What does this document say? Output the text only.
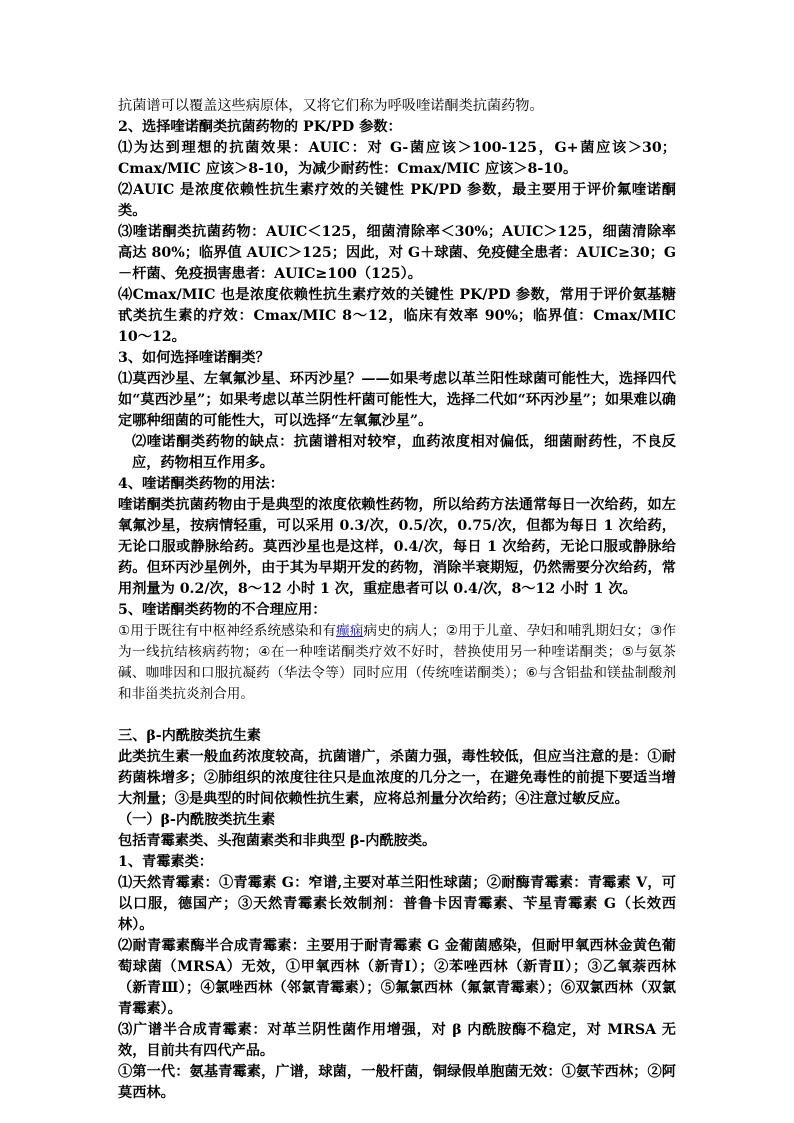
抗菌谱可以覆盖这些病原体，又将它们称为呼吸喹诺酮类抗菌药物。

2、选择喹诺酮类抗菌药物的 PK/PD 参数：

⑴为达到理想的抗菌效果：AUIC：对 G-菌应该＞100-125，G+菌应该＞30；Cmax/MIC 应该＞8-10，为减少耐药性：Cmax/MIC 应该＞8-10。

⑵AUIC 是浓度依赖性抗生素疗效的关键性 PK/PD 参数，最主要用于评价氟喹诺酮类。

⑶喹诺酮类抗菌药物：AUIC＜125，细菌清除率＜30%；AUIC＞125，细菌清除率高达 80%；临界值 AUIC＞125；因此，对 G＋球菌、免疫健全患者：AUIC≥30；G－杆菌、免疫损害患者：AUIC≥100（125）。

⑷Cmax/MIC 也是浓度依赖性抗生素疗效的关键性 PK/PD 参数，常用于评价氨基糖甙类抗生素的疗效：Cmax/MIC 8～12，临床有效率 90%；临界值：Cmax/MIC 10～12。

3、如何选择喹诺酮类？

⑴莫西沙星、左氧氟沙星、环丙沙星？——如果考虑以革兰阳性球菌可能性大，选择四代如“莫西沙星”；如果考虑以革兰阴性杆菌可能性大，选择二代如“环丙沙星”；如果难以确定哪种细菌的可能性大，可以选择“左氧氟沙星”。

⑵喹诺酮类药物的缺点：抗菌谱相对较窄，血药浓度相对偏低，细菌耐药性，不良反应，药物相互作用多。

4、喹诺酮类药物的用法：

喹诺酮类抗菌药物由于是典型的浓度依赖性药物，所以给药方法通常每日一次给药，如左氧氟沙星，按病情轻重，可以采用 0.3/次，0.5/次，0.75/次，但都为每日 1 次给药，无论口服或静脉给药。莫西沙星也是这样，0.4/次，每日 1 次给药，无论口服或静脉给药。但环丙沙星例外，由于其为早期开发的药物，消除半衰期短，仍然需要分次给药，常用剂量为 0.2/次，8～12 小时 1 次，重症患者可以 0.4/次，8～12 小时 1 次。

5、喹诺酮类药物的不合理应用：

①用于既往有中枢神经系统感染和有癫痫病史的病人；②用于儿童、孕妇和哺乳期妇女；③作为一线抗结核病药物；④在一种喹诺酮类疗效不好时，替换使用另一种喹诺酮类；⑤与氨茶碱、咖啡因和口服抗凝药（华法令等）同时应用（传统喹诺酮类）；⑥与含铝盐和镁盐制酸剂和非甾类抗炎剂合用。

三、β-内酰胺类抗生素

此类抗生素一般血药浓度较高，抗菌谱广，杀菌力强，毒性较低，但应当注意的是：①耐药菌株增多；②肺组织的浓度往往只是血浓度的几分之一，在避免毒性的前提下要适当增大剂量；③是典型的时间依赖性抗生素，应将总剂量分次给药；④注意过敏反应。

（一）β-内酰胺类抗生素

包括青霉素类、头孢菌素类和非典型 β-内酰胺类。

1、青霉素类：

⑴天然青霉素：①青霉素 G：窄谱,主要对革兰阳性球菌；②耐酶青霉素：青霉素 V，可以口服，德国产；③天然青霉素长效制剂：普鲁卡因青霉素、苄星青霉素 G（长效西林）。

⑵耐青霉素酶半合成青霉素：主要用于耐青霉素 G 金葡菌感染，但耐甲氧西林金黄色葡萄球菌（MRSA）无效，①甲氧西林（新青Ⅰ）；②苯唑西林（新青Ⅱ）；③乙氧萘西林（新青Ⅲ）；④氯唑西林（邻氯青霉素）；⑤氟氯西林（氟氯青霉素）；⑥双氯西林（双氯青霉素）。

⑶广谱半合成青霉素：对革兰阴性菌作用增强，对 β 内酰胺酶不稳定，对 MRSA 无效，目前共有四代产品。

①第一代：氨基青霉素，广谱，球菌，一般杆菌，铜绿假单胞菌无效：①氨苄西林；②阿莫西林。
